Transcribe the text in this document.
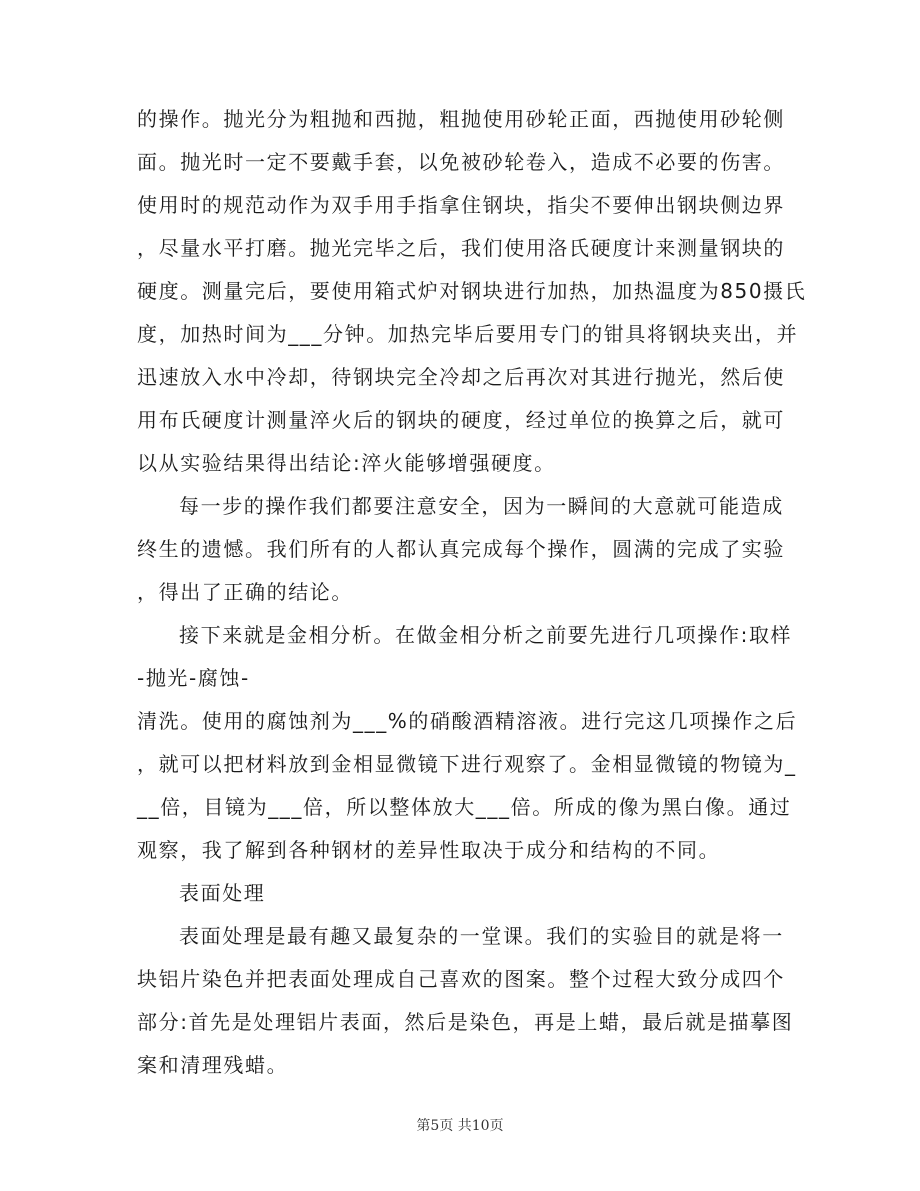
的操作。抛光分为粗抛和西抛，粗抛使用砂轮正面，西抛使用砂轮侧
面。抛光时一定不要戴手套，以免被砂轮卷入，造成不必要的伤害。
使用时的规范动作为双手用手指拿住钢块，指尖不要伸出钢块侧边界
，尽量水平打磨。抛光完毕之后，我们使用洛氏硬度计来测量钢块的
硬度。测量完后，要使用箱式炉对钢块进行加热，加热温度为850摄氏
度，加热时间为___分钟。加热完毕后要用专门的钳具将钢块夹出，并
迅速放入水中冷却，待钢块完全冷却之后再次对其进行抛光，然后使
用布氏硬度计测量淬火后的钢块的硬度，经过单位的换算之后，就可
以从实验结果得出结论:淬火能够增强硬度。
每一步的操作我们都要注意安全，因为一瞬间的大意就可能造成
终生的遗憾。我们所有的人都认真完成每个操作，圆满的完成了实验
，得出了正确的结论。
接下来就是金相分析。在做金相分析之前要先进行几项操作:取样
-抛光-腐蚀-
清洗。使用的腐蚀剂为___%的硝酸酒精溶液。进行完这几项操作之后
，就可以把材料放到金相显微镜下进行观察了。金相显微镜的物镜为_
__倍，目镜为___倍，所以整体放大___倍。所成的像为黑白像。通过
观察，我了解到各种钢材的差异性取决于成分和结构的不同。
表面处理
表面处理是最有趣又最复杂的一堂课。我们的实验目的就是将一
块铝片染色并把表面处理成自己喜欢的图案。整个过程大致分成四个
部分:首先是处理铝片表面，然后是染色，再是上蜡，最后就是描摹图
案和清理残蜡。
第5页 共10页
